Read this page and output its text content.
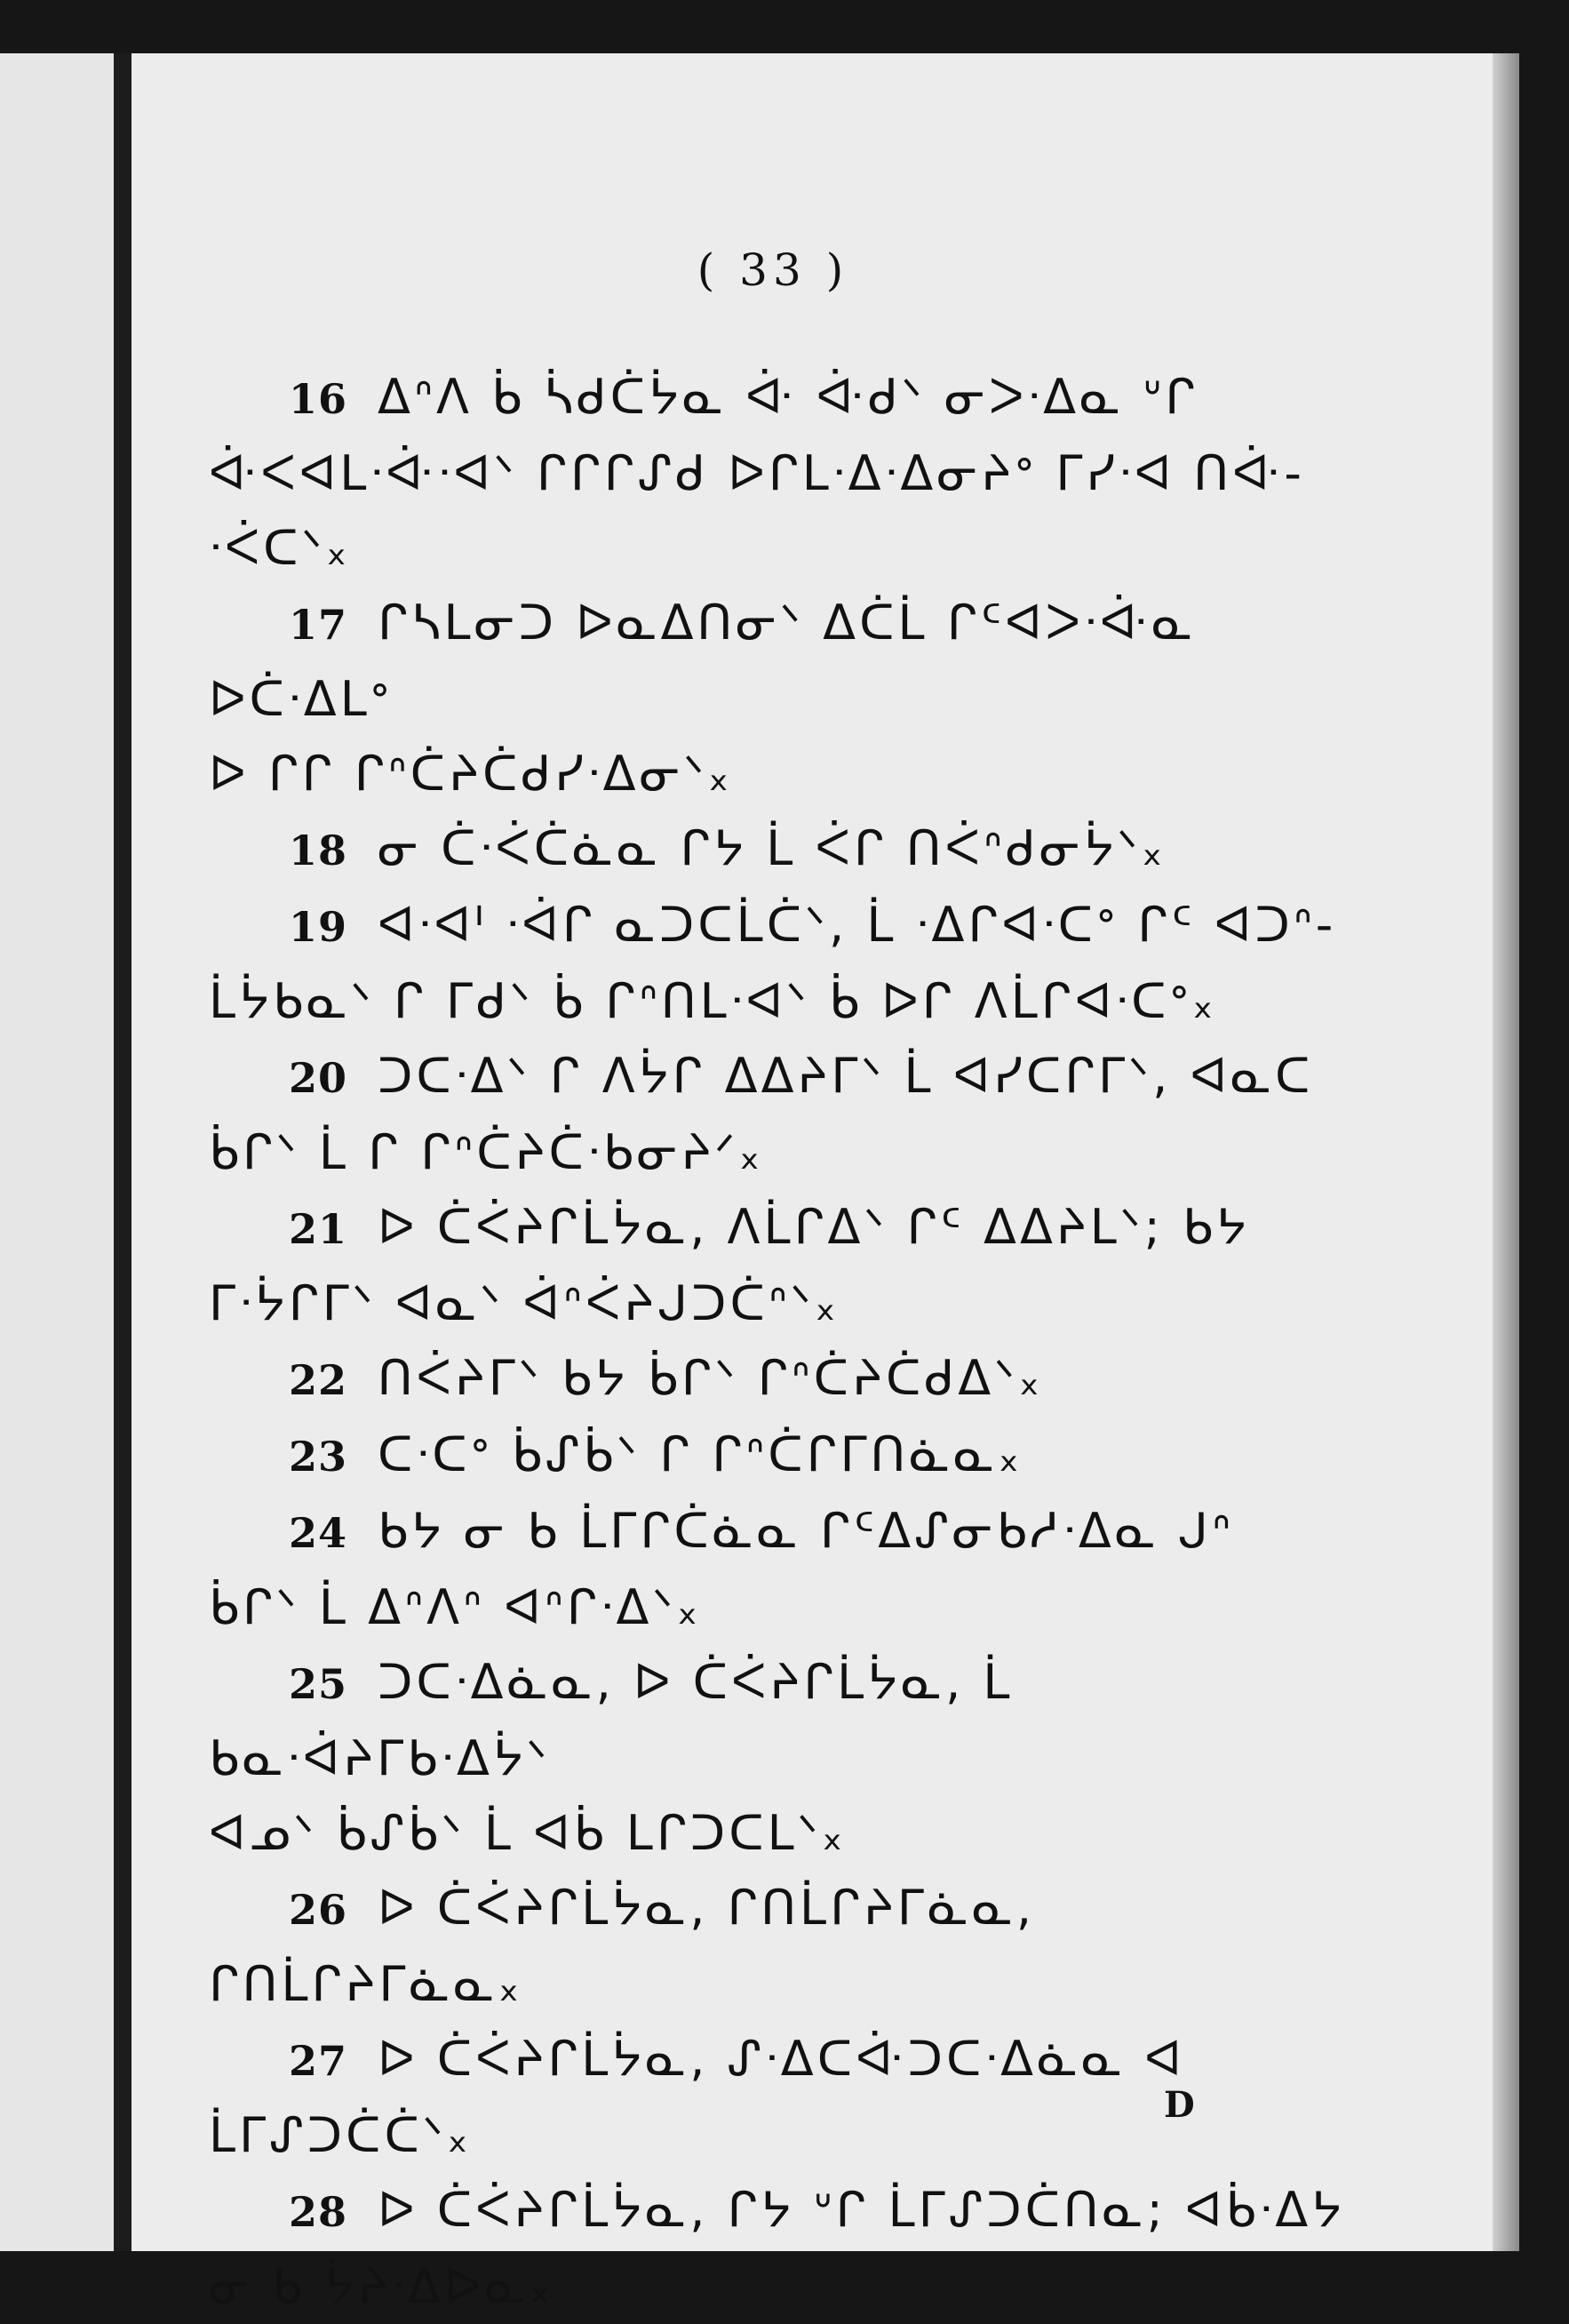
( 33 )

16 ᐃᐢᐱ ᑳ ᓵᑯᑖᔮᓇ ᐚ ᐚᑯᐠ ᓂᐳᐧᐃᓇ ᐡᒋ
ᐚᐸᐊᒪᐧᐚᐧᐊᐠ ᒋᒋᒋᔑᑯ ᐅᒋᒪᐧᐃᐧᐃᓂᔨᐤ ᒥᓯᐧᐊ ᑎᐚ-
ᐧᐹᑕᐠₓ

17 ᒋᓴᒪᓂᑐ ᐅᓇᐃᑎᓂᐠ ᐃᑖᒫ ᒋᑦᐊᐳᐧᐚᓇ ᐅᑖᐧᐃᒪᐤ
ᐅ ᒋᒋ ᒋᐢᑖᔨᑖᑯᓯᐧᐃᓂᐠₓ

18 ᓂ ᑖᐧᐹᑖᓈᓇ ᒋᔭ ᒫ ᐹᒋ ᑎᐹᐢᑯᓂᔮᐠₓ

19 ᐊᐧᐊᑊ ᐧᐋᒋ ᓇᑐᑕᒫᑖᐠ, ᒫ ᐧᐃᒋᐊᐧᑕᐤ ᒋᑦ ᐊᑐᐢ-
ᒫᔮᑲᓇᐠ ᒋ ᒥᑯᐠ ᑳ ᒋᐢᑎᒪᐧᐊᐠ ᑳ ᐅᒋ ᐱᒫᒋᐊᐧᑕᐤₓ

20 ᑐᑕᐧᐃᐠ ᒋ ᐱᔮᒋ ᐃᐃᔨᒥᐠ ᒫ ᐊᓯᑕᒋᒥᐠ, ᐊᓇᑕ
ᑳᒋᐠ ᒫ ᒋ ᒋᐢᑖᔨᑖᐧᑲᓂᔨᐟₓ

21 ᐅ ᑖᐹᔨᒋᒫᔮᓇ, ᐱᒫᒋᐃᐠ ᒋᑦ ᐃᐃᔨᒪᐠ; ᑲᔭ
ᒥᐧᔮᒋᒥᐠ ᐊᓇᐠ ᐋᐢᐹᔨᒍᑐᑖᐢᐠₓ

22 ᑎᐹᔨᒥᐠ ᑲᔭ ᑳᒋᐠ ᒋᐢᑖᔨᑖᑯᐃᐠₓ

23 ᑕᐧᑕᐤ ᑳᔑᑳᐠ ᒋ ᒋᐢᑖᒋᒥᑎᓈᓇₓ

24 ᑲᔭ ᓂ ᑲ ᒫᒥᒋᑖᓈᓇ ᒋᑦᐃᔑᓂᑲᓱᐧᐃᓇ ᒍᐢ
ᑳᒋᐠ ᒫ ᐃᐢᐱᐢ ᐊᐢᒋᐧᐃᐠₓ

25 ᑐᑕᐧᐃᓈᓇ, ᐅ ᑖᐹᔨᒋᒫᔮᓇ, ᒫ ᑲᓇᐧᐋᔨᒥᑲᐧᐃᔮᐠ
ᐊᓄᐠ ᑳᔑᑳᐠ ᒫ ᐊᑳ ᒪᒋᑐᑕᒪᐠₓ

26 ᐅ ᑖᐹᔨᒋᒫᔮᓇ, ᒋᑎᒫᒋᔨᒥᓈᓇ, ᒋᑎᒫᒋᔨᒥᓈᓇₓ

27 ᐅ ᑖᐹᔨᒋᒫᔮᓇ, ᔑᐧᐃᑕᐚᑐᑕᐧᐃᓈᓇ ᐊ ᒫᒥᔑᑐᑖᑖᐠₓ

28 ᐅ ᑖᐹᔨᒋᒫᔮᓇ, ᒋᔭ ᐡᒋ ᒫᒥᔑᑐᑖᑎᓇ; ᐊᑳᐧᐃᔭ
ᓂ ᑲ ᔮᔨᐧᐃᐅᓇₓ

D
